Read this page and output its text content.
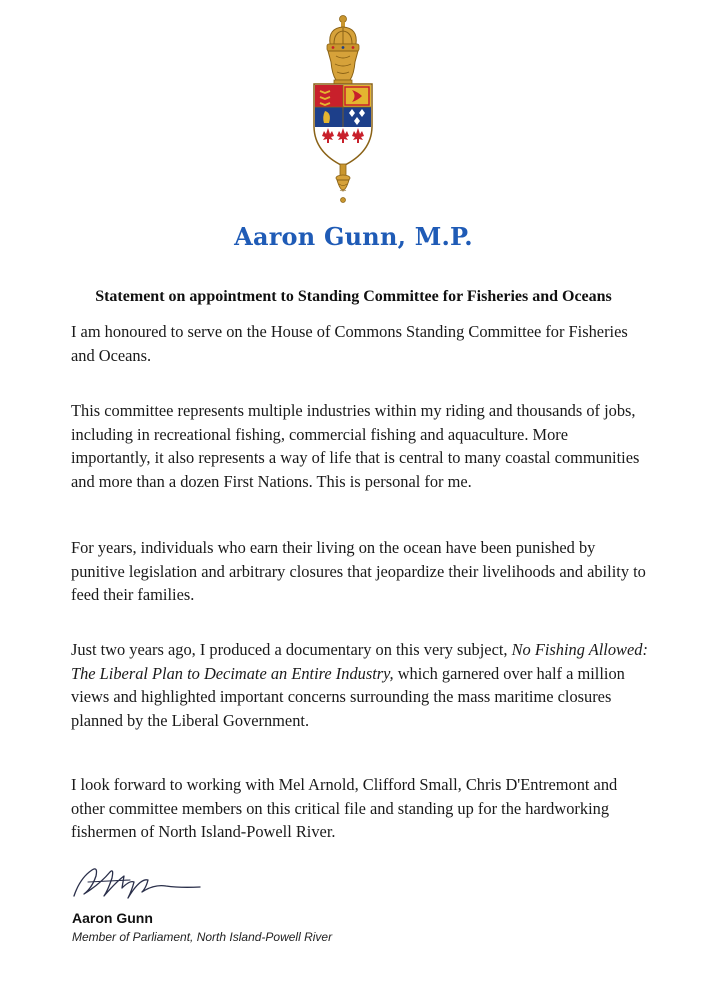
Aaron Gunn, M.P.
Statement on appointment to Standing Committee for Fisheries and Oceans

I am honoured to serve on the House of Commons Standing Committee for Fisheries and Oceans.

This committee represents multiple industries within my riding and thousands of jobs, including in recreational fishing, commercial fishing and aquaculture. More importantly, it also represents a way of life that is central to many coastal communities and more than a dozen First Nations. This is personal for me.

For years, individuals who earn their living on the ocean have been punished by punitive legislation and arbitrary closures that jeopardize their livelihoods and ability to feed their families.

Just two years ago, I produced a documentary on this very subject, No Fishing Allowed: The Liberal Plan to Decimate an Entire Industry, which garnered over half a million views and highlighted important concerns surrounding the mass maritime closures planned by the Liberal Government.

I look forward to working with Mel Arnold, Clifford Small, Chris D'Entremont and other committee members on this critical file and standing up for the hardworking fishermen of North Island-Powell River.

Aaron Gunn
Member of Parliament, North Island-Powell River
